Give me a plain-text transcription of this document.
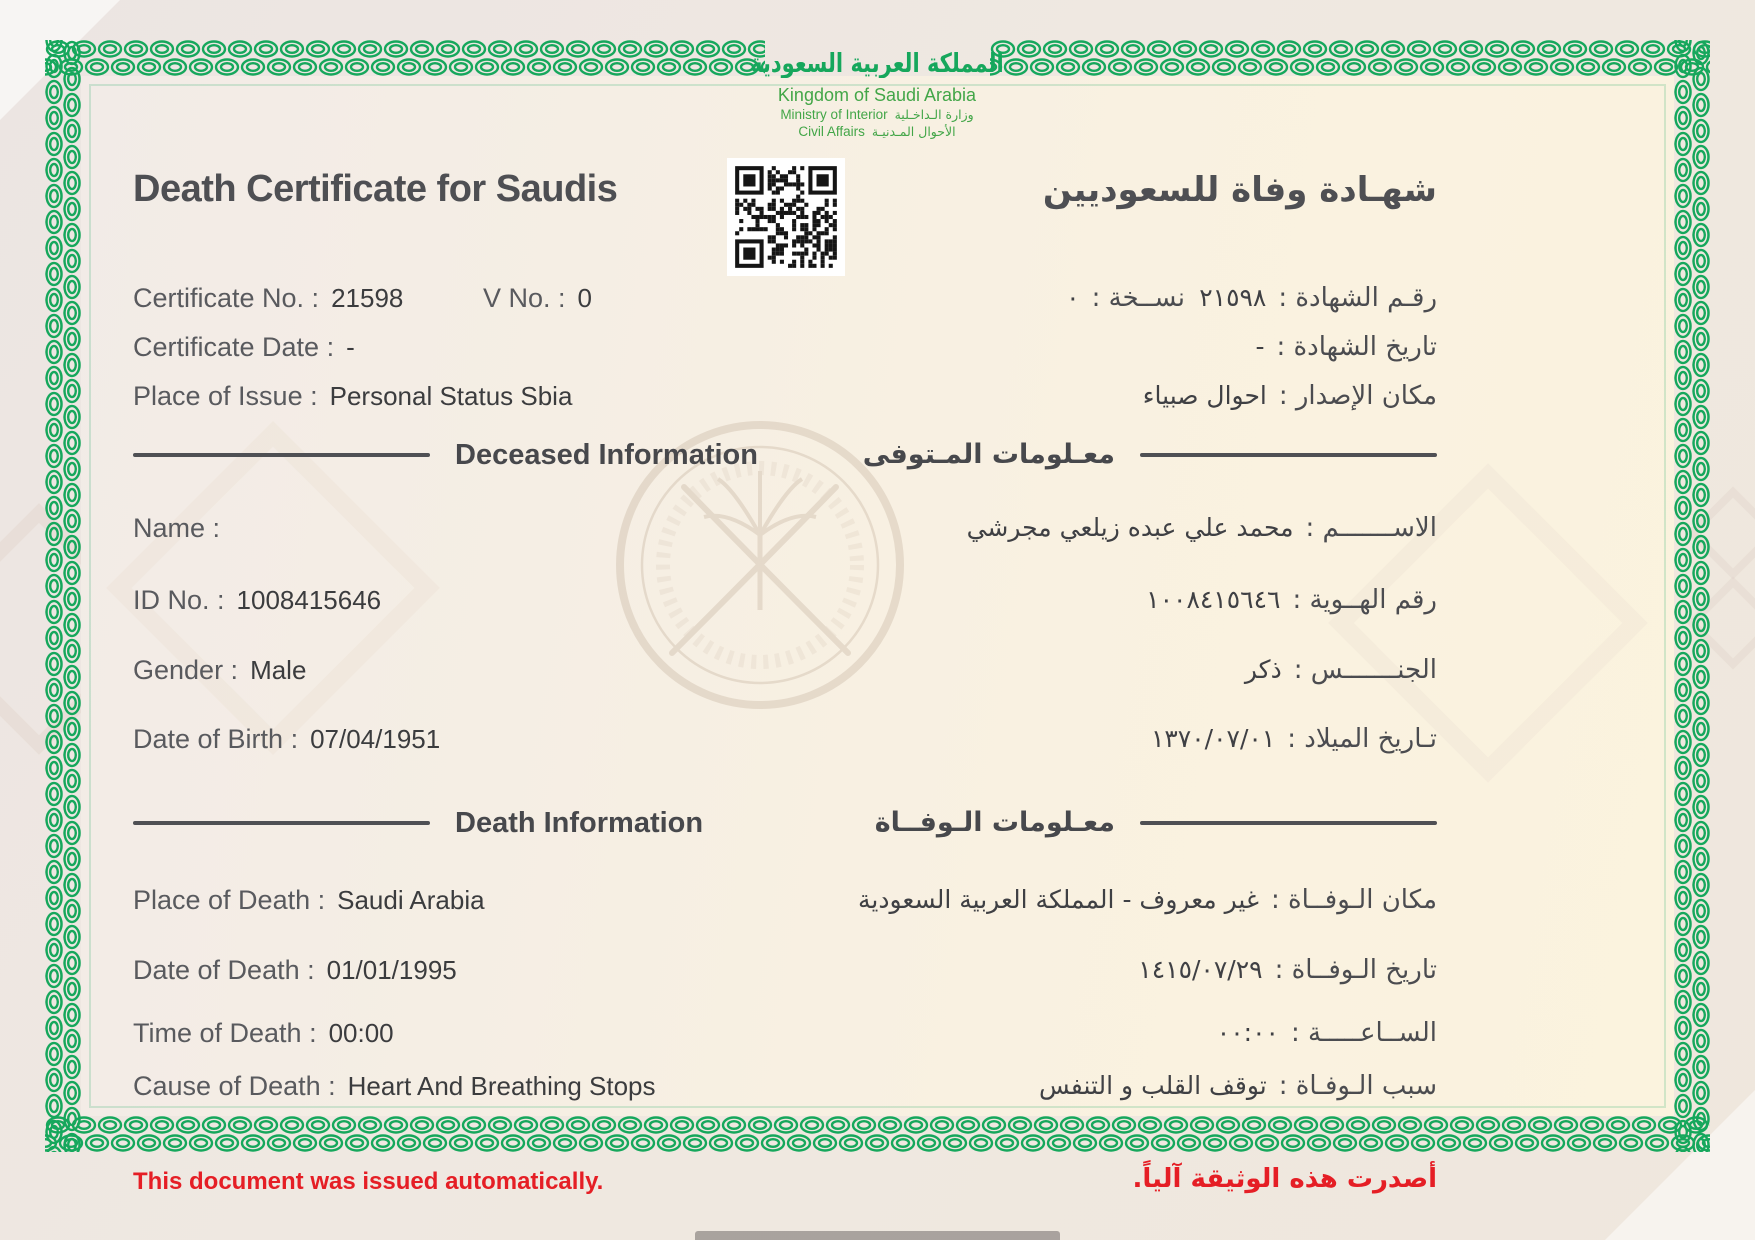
المملكة العربية السعودية
Kingdom of Saudi Arabia
Ministry of Interior وزارة الـداخـلية
Civil Affairs الأحوال المـدنيـة
Death Certificate for Saudis	شهـادة وفاة للسعوديين
Certificate No. : 21598	V No. : 0	نســخة :٠	رقـم الشهادة :٢١٥٩٨
Certificate Date : -	تاريخ الشهادة :-
Place of Issue : Personal Status Sbia	مكان الإصدار :احوال صبياء
Deceased Information	معـلومات المـتوفى
Name :	الاســـــــم :محمد علي عبده زيلعي مجرشي
ID No. : 1008415646	رقم الهــوية :١٠٠٨٤١٥٦٤٦
Gender : Male	الجنـــــــس :ذكر
Date of Birth : 07/04/1951	تـاريخ الميلاد :١٣٧٠/٠٧/٠١
Death Information	معـلومات الـوفــاة
Place of Death : Saudi Arabia	مكان الـوفــاة :غير معروف - المملكة العربية السعودية
Date of Death : 01/01/1995	تاريخ الـوفــاة :١٤١٥/٠٧/٢٩
Time of Death : 00:00	الســاعـــــة :٠٠:٠٠
Cause of Death : Heart And Breathing Stops	سبب الـوفـاة :توقف القلب و التنفس
This document was issued automatically.	أصدرت هذه الوثيقة آلياً.
